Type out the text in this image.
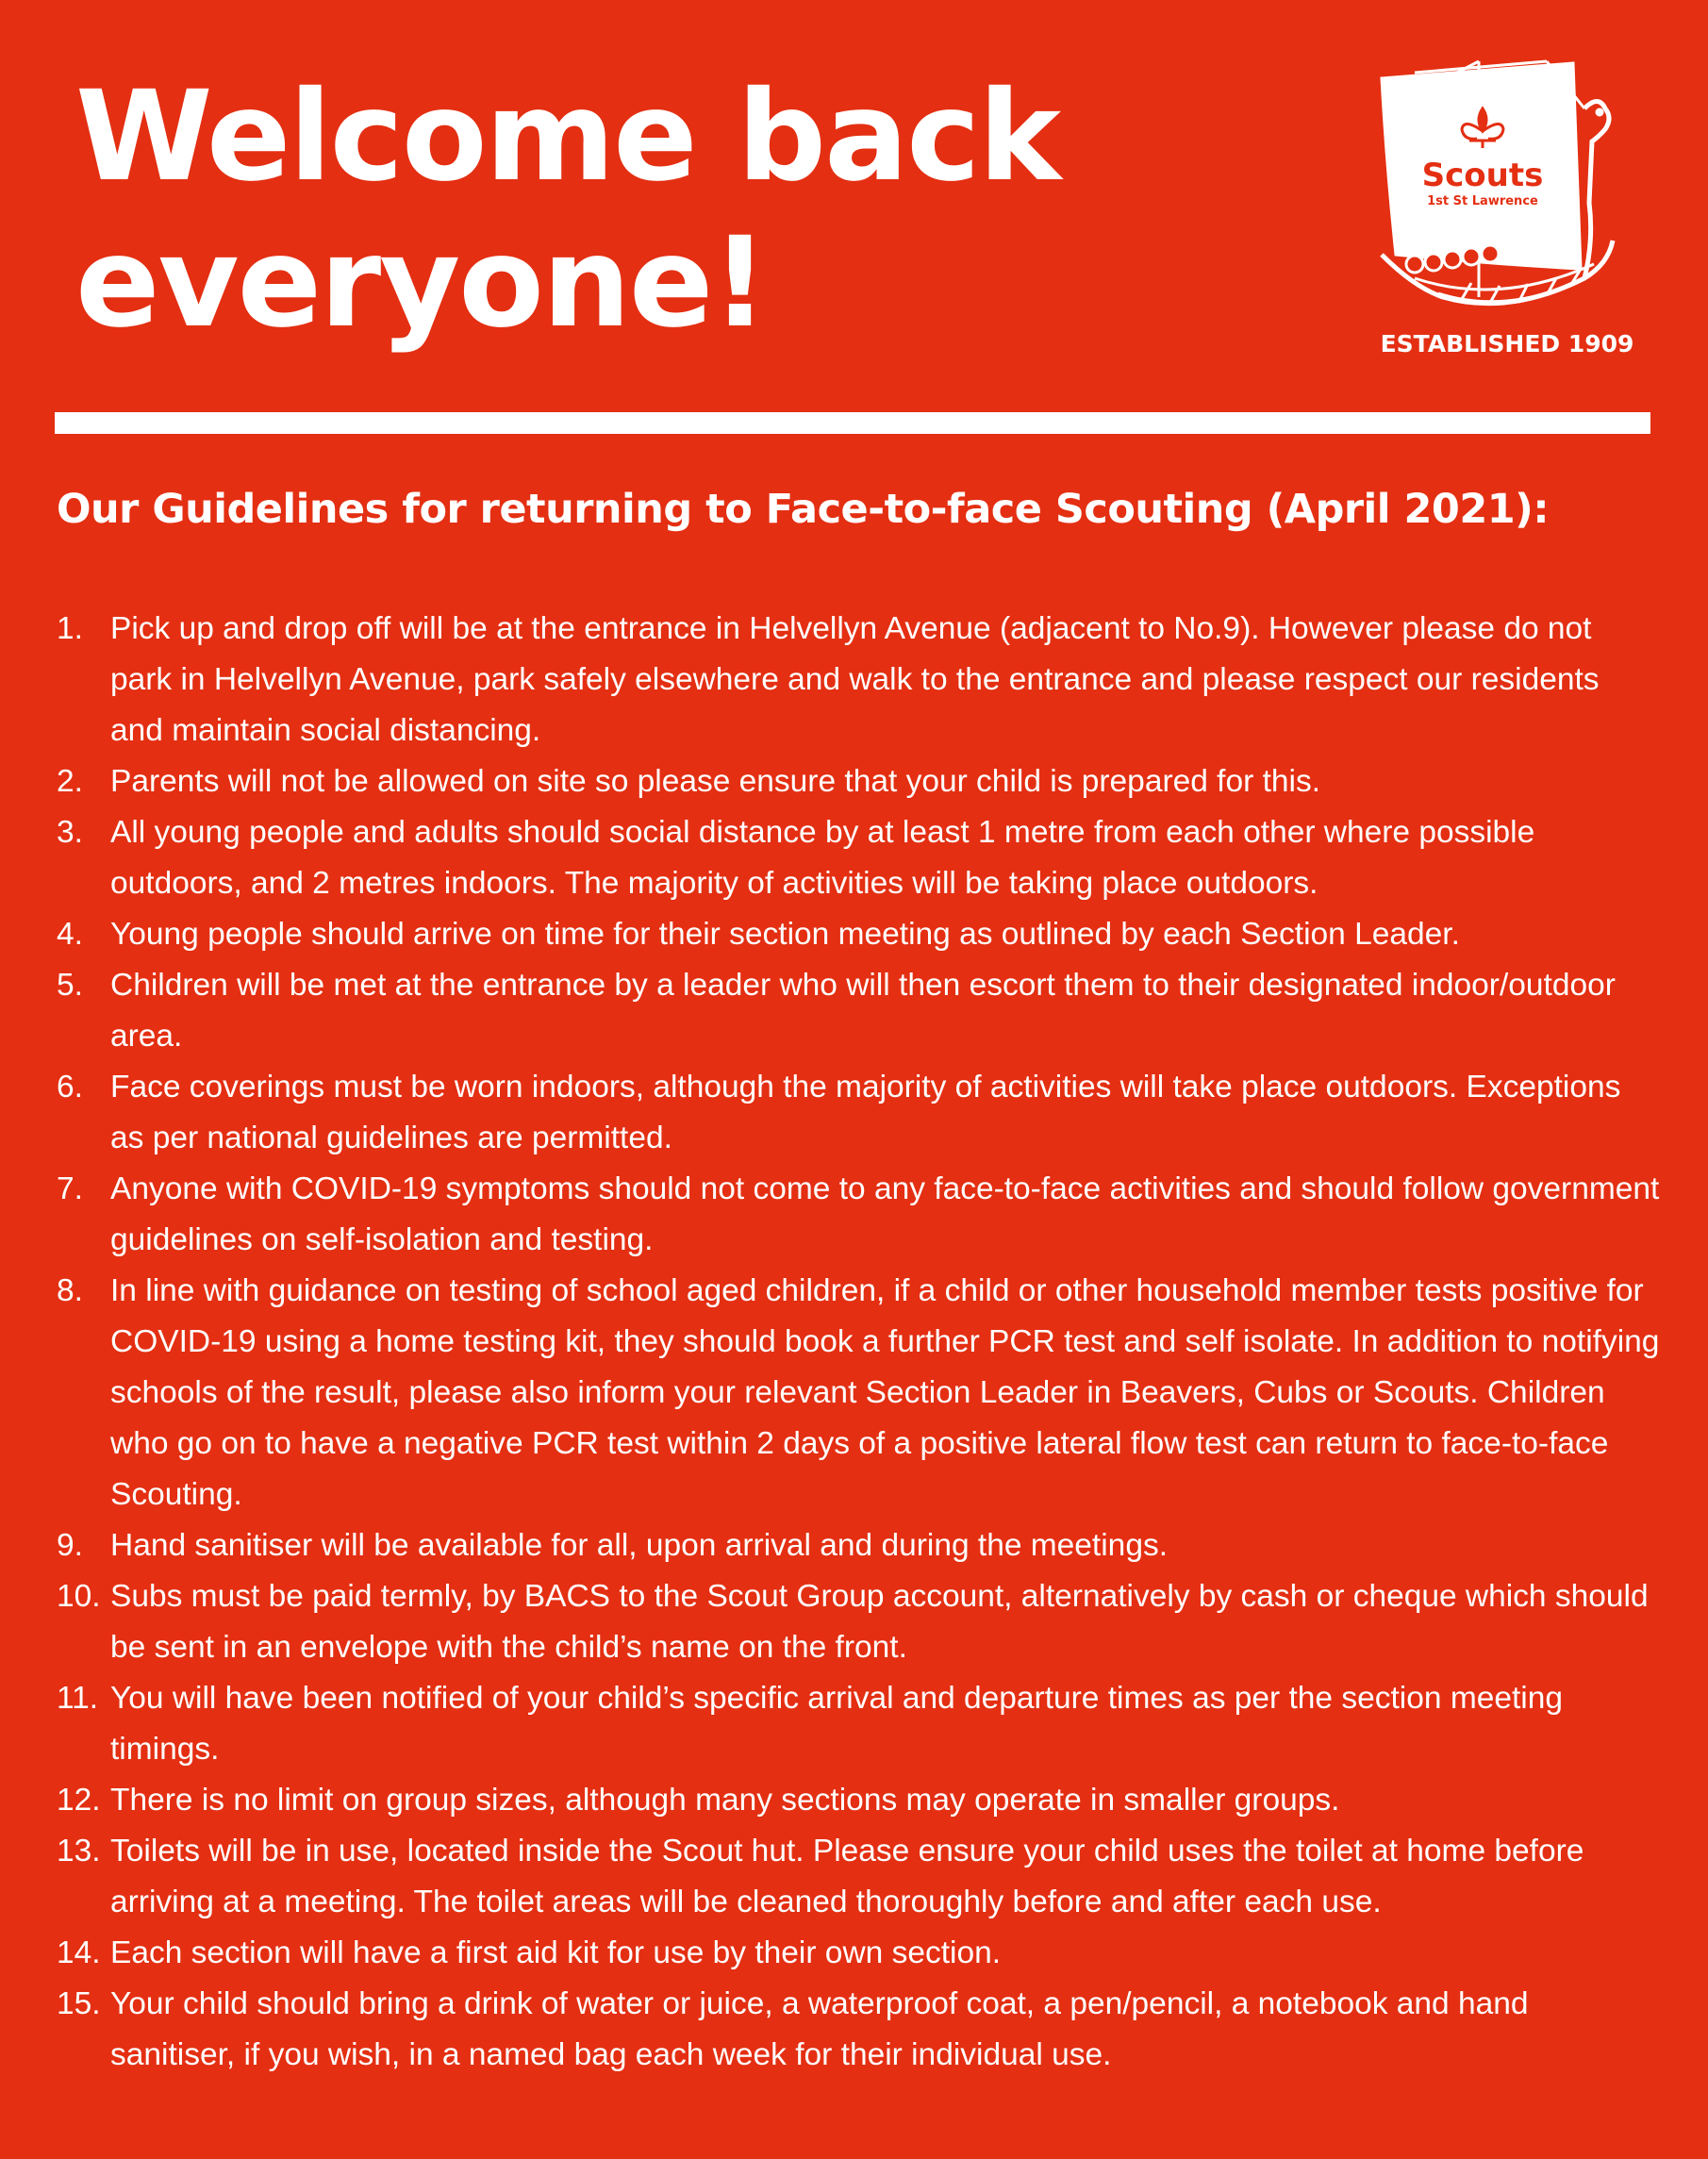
Welcome back
everyone!
Scouts
1st St Lawrence
ESTABLISHED 1909
Our Guidelines for returning to Face-to-face Scouting (April 2021):
1. Pick up and drop off will be at the entrance in Helvellyn Avenue (adjacent to No.9). However please do not park in Helvellyn Avenue, park safely elsewhere and walk to the entrance and please respect our residents and maintain social distancing.
2. Parents will not be allowed on site so please ensure that your child is prepared for this.
3. All young people and adults should social distance by at least 1 metre from each other where possible outdoors, and 2 metres indoors. The majority of activities will be taking place outdoors.
4. Young people should arrive on time for their section meeting as outlined by each Section Leader.
5. Children will be met at the entrance by a leader who will then escort them to their designated indoor/outdoor area.
6. Face coverings must be worn indoors, although the majority of activities will take place outdoors. Exceptions as per national guidelines are permitted.
7. Anyone with COVID-19 symptoms should not come to any face-to-face activities and should follow government guidelines on self-isolation and testing.
8. In line with guidance on testing of school aged children, if a child or other household member tests positive for COVID-19 using a home testing kit, they should book a further PCR test and self isolate. In addition to notifying schools of the result, please also inform your relevant Section Leader in Beavers, Cubs or Scouts. Children who go on to have a negative PCR test within 2 days of a positive lateral flow test can return to face-to-face Scouting.
9. Hand sanitiser will be available for all, upon arrival and during the meetings.
10. Subs must be paid termly, by BACS to the Scout Group account, alternatively by cash or cheque which should be sent in an envelope with the child’s name on the front.
11. You will have been notified of your child’s specific arrival and departure times as per the section meeting timings.
12. There is no limit on group sizes, although many sections may operate in smaller groups.
13. Toilets will be in use, located inside the Scout hut. Please ensure your child uses the toilet at home before arriving at a meeting. The toilet areas will be cleaned thoroughly before and after each use.
14. Each section will have a first aid kit for use by their own section.
15. Your child should bring a drink of water or juice, a waterproof coat, a pen/pencil, a notebook and hand sanitiser, if you wish, in a named bag each week for their individual use.
